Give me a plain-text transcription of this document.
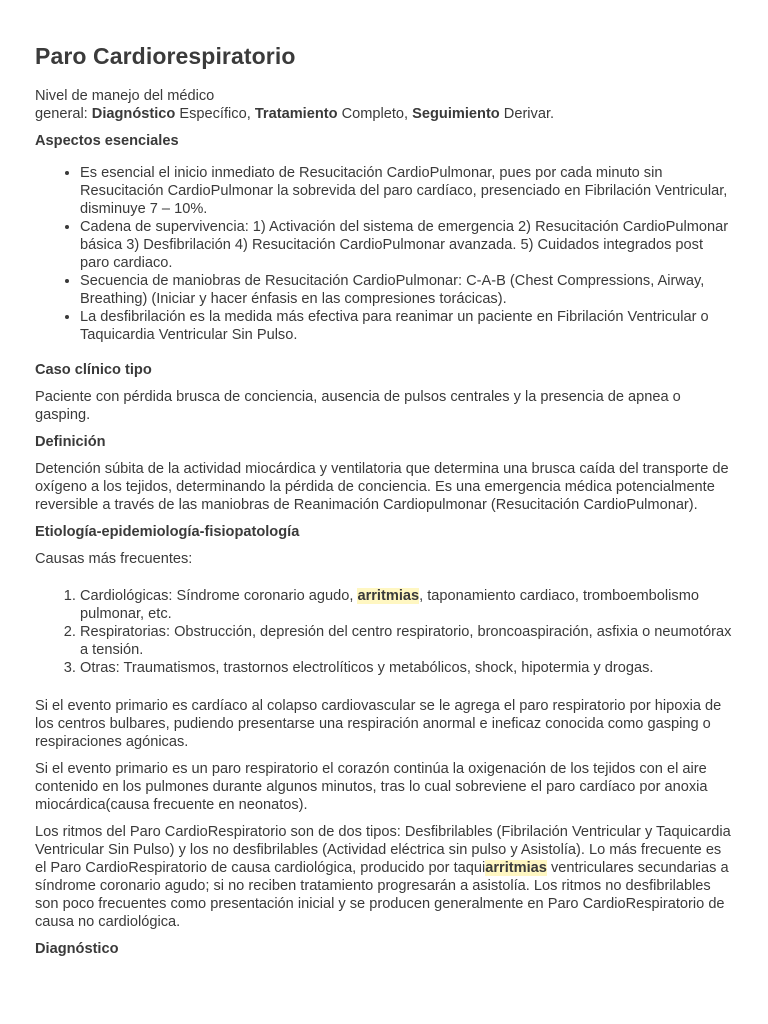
Paro Cardiorespiratorio

Nivel de manejo del médico
general: Diagnóstico Específico, Tratamiento Completo, Seguimiento Derivar.

Aspectos esenciales
• Es esencial el inicio inmediato de Resucitación CardioPulmonar, pues por cada minuto sin Resucitación CardioPulmonar la sobrevida del paro cardíaco, presenciado en Fibrilación Ventricular, disminuye 7 – 10%.
• Cadena de supervivencia: 1) Activación del sistema de emergencia 2) Resucitación CardioPulmonar básica 3) Desfibrilación 4) Resucitación CardioPulmonar avanzada. 5) Cuidados integrados post paro cardiaco.
• Secuencia de maniobras de Resucitación CardioPulmonar: C-A-B (Chest Compressions, Airway, Breathing) (Iniciar y hacer énfasis en las compresiones torácicas).
• La desfibrilación es la medida más efectiva para reanimar un paciente en Fibrilación Ventricular o Taquicardia Ventricular Sin Pulso.
Caso clínico tipo

Paciente con pérdida brusca de conciencia, ausencia de pulsos centrales y la presencia de apnea o gasping.

Definición

Detención súbita de la actividad miocárdica y ventilatoria que determina una brusca caída del transporte de oxígeno a los tejidos, determinando la pérdida de conciencia. Es una emergencia médica potencialmente reversible a través de las maniobras de Reanimación Cardiopulmonar (Resucitación CardioPulmonar).

Etiología-epidemiología-fisiopatología

Causas más frecuentes:

1. Cardiológicas: Síndrome coronario agudo, arritmias, taponamiento cardiaco, tromboembolismo pulmonar, etc.
2. Respiratorias: Obstrucción, depresión del centro respiratorio, broncoaspiración, asfixia o neumotórax a tensión.
3. Otras: Traumatismos, trastornos electrolíticos y metabólicos, shock, hipotermia y drogas.

Si el evento primario es cardíaco al colapso cardiovascular se le agrega el paro respiratorio por hipoxia de los centros bulbares, pudiendo presentarse una respiración anormal e ineficaz conocida como gasping o respiraciones agónicas.

Si el evento primario es un paro respiratorio el corazón continúa la oxigenación de los tejidos con el aire contenido en los pulmones durante algunos minutos, tras lo cual sobreviene el paro cardíaco por anoxia miocárdica(causa frecuente en neonatos).

Los ritmos del Paro CardioRespiratorio son de dos tipos: Desfibrilables (Fibrilación Ventricular y Taquicardia Ventricular Sin Pulso) y los no desfibrilables (Actividad eléctrica sin pulso y Asistolía). Lo más frecuente es el Paro CardioRespiratorio de causa cardiológica, producido por taquiarritmias ventriculares secundarias a síndrome coronario agudo; si no reciben tratamiento progresarán a asistolía. Los ritmos no desfibrilables son poco frecuentes como presentación inicial y se producen generalmente en Paro CardioRespiratorio de causa no cardiológica.

Diagnóstico
